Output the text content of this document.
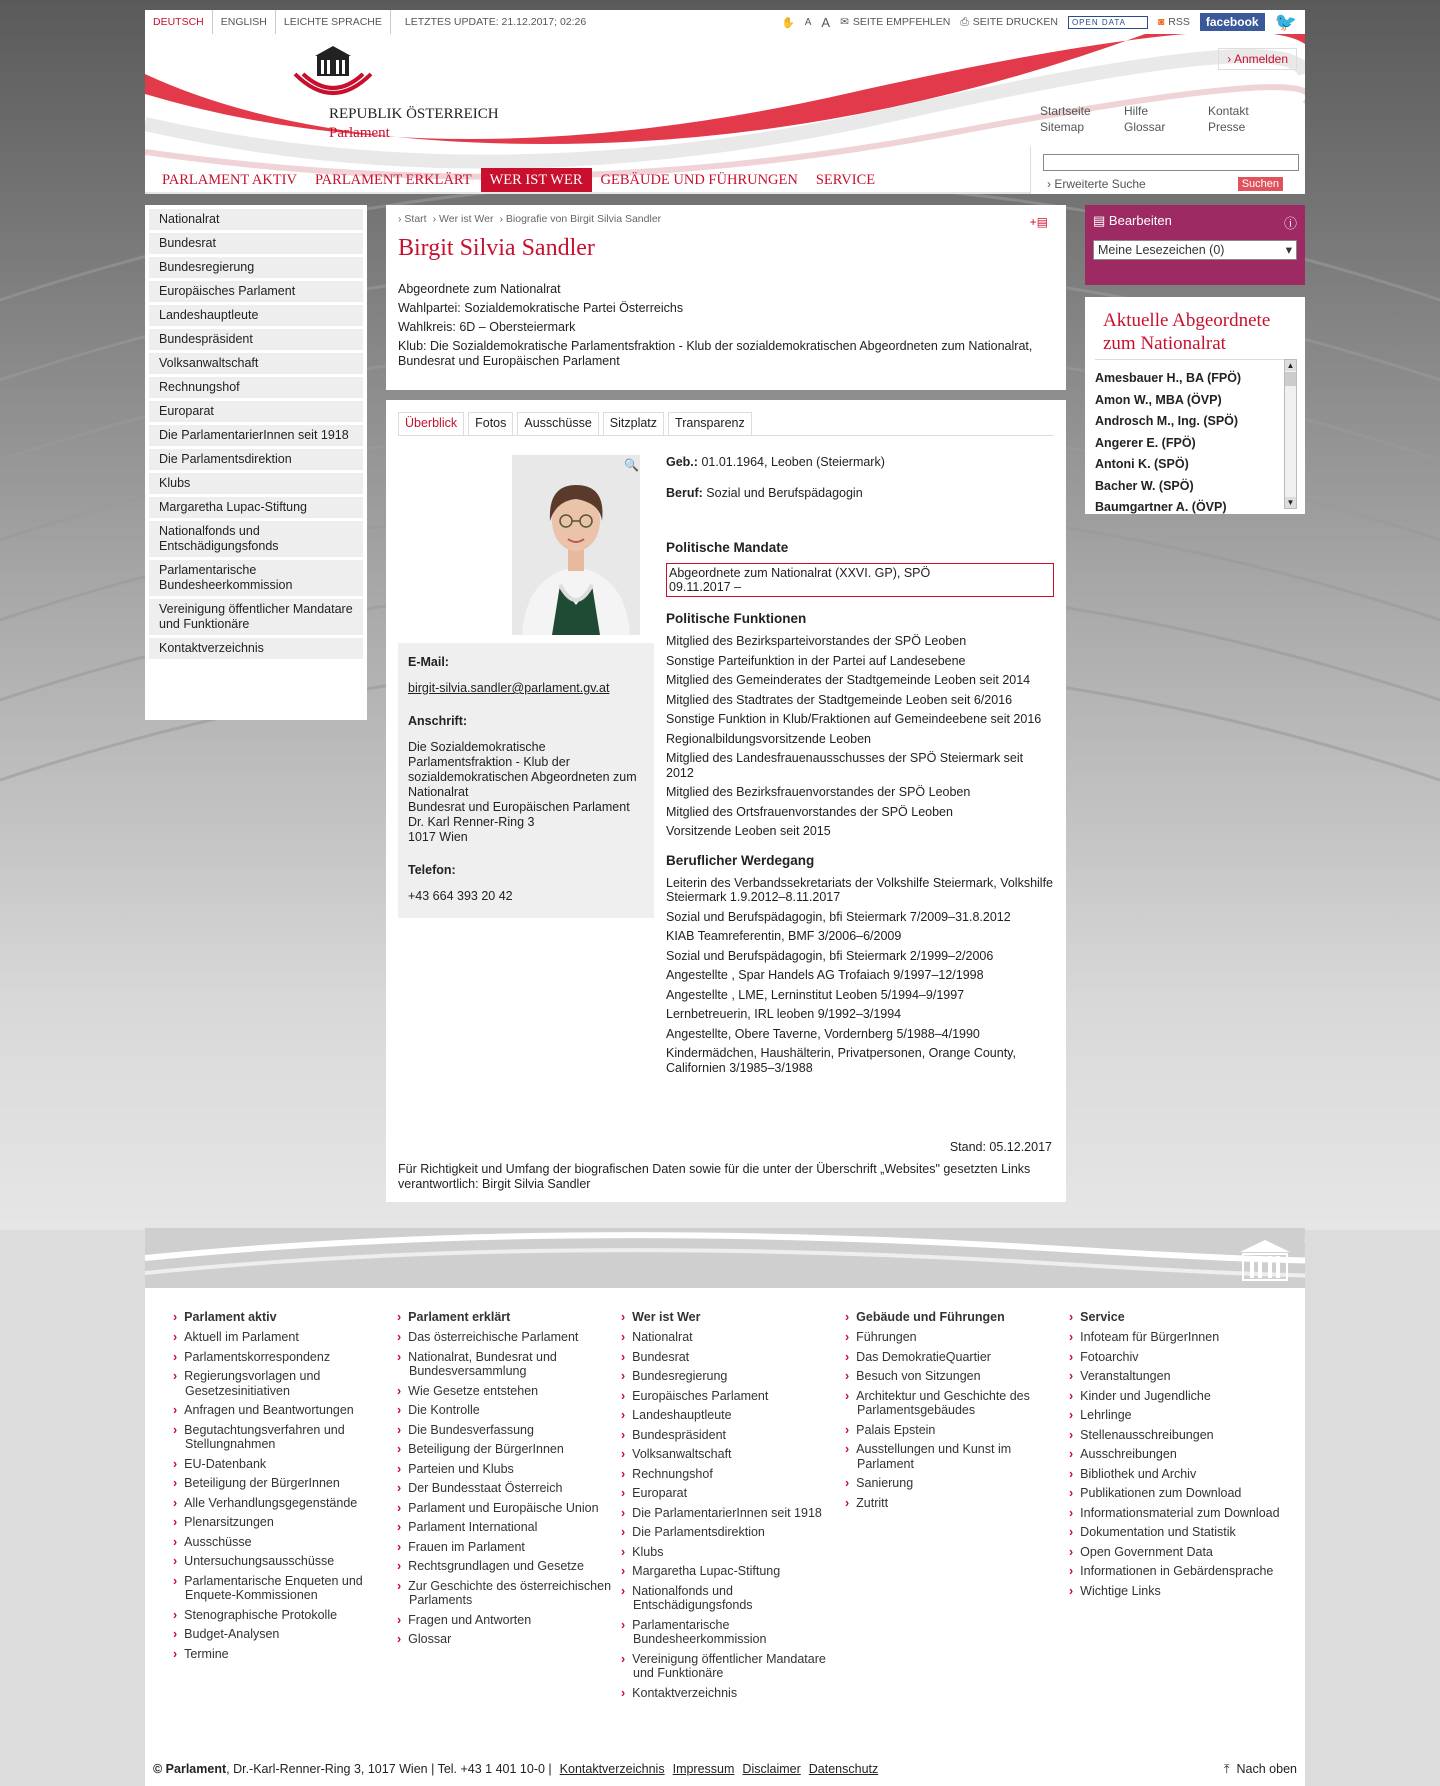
DEUTSCH	ENGLISH	LEICHTE SPRACHE	LETZTES UPDATE: 21.12.2017; 02:26	✋ A A ✉ SEITE EMPFEHLEN ⎙ SEITE DRUCKEN	OPEN DATA	◙ RSS	facebook 🐦
REPUBLIK ÖSTERREICH
Parlament
› Anmelden
Startseite	Hilfe	Kontakt
Sitemap	Glossar	Presse
› Erweiterte Suche	Suchen
PARLAMENT AKTIV	PARLAMENT ERKLÄRT	WER IST WER	GEBÄUDE UND FÜHRUNGEN	SERVICE
Nationalrat
Bundesrat
Bundesregierung
Europäisches Parlament
Landeshauptleute
Bundespräsident
Volksanwaltschaft
Rechnungshof
Europarat
Die ParlamentarierInnen seit 1918
Die Parlamentsdirektion
Klubs
Margaretha Lupac-Stiftung
Nationalfonds und Entschädigungsfonds
Parlamentarische Bundesheerkommission
Vereinigung öffentlicher Mandatare und Funktionäre
Kontaktverzeichnis
› Start	› Wer ist Wer	› Biografie von Birgit Silvia Sandler	+▤
Birgit Silvia Sandler
Abgeordnete zum Nationalrat
Wahlpartei: Sozialdemokratische Partei Österreichs
Wahlkreis: 6D – Obersteiermark
Klub: Die Sozialdemokratische Parlamentsfraktion - Klub der sozialdemokratischen Abgeordneten zum Nationalrat, Bundesrat und Europäischen Parlament
Überblick	Fotos	Ausschüsse	Sitzplatz	Transparenz
🔍
E-Mail:
birgit-silvia.sandler@parlament.gv.at
Anschrift:
Die Sozialdemokratische Parlamentsfraktion - Klub der sozialdemokratischen Abgeordneten zum Nationalrat
Bundesrat und Europäischen Parlament
Dr. Karl Renner-Ring 3
1017 Wien
Telefon:
+43 664 393 20 42
Geb.: 01.01.1964, Leoben (Steiermark)
Beruf: Sozial und Berufspädagogin
Politische Mandate
Abgeordnete zum Nationalrat (XXVI. GP), SPÖ
09.11.2017 –
Politische Funktionen
Mitglied des Bezirksparteivorstandes der SPÖ Leoben
Sonstige Parteifunktion in der Partei auf Landesebene
Mitglied des Gemeinderates der Stadtgemeinde Leoben seit 2014
Mitglied des Stadtrates der Stadtgemeinde Leoben seit 6/2016
Sonstige Funktion in Klub/Fraktionen auf Gemeindeebene seit 2016
Regionalbildungsvorsitzende Leoben
Mitglied des Landesfrauenausschusses der SPÖ Steiermark seit 2012
Mitglied des Bezirksfrauenvorstandes der SPÖ Leoben
Mitglied des Ortsfrauenvorstandes der SPÖ Leoben
Vorsitzende Leoben seit 2015
Beruflicher Werdegang
Leiterin des Verbandssekretariats der Volkshilfe Steiermark, Volkshilfe Steiermark 1.9.2012–8.11.2017
Sozial und Berufspädagogin, bfi Steiermark 7/2009–31.8.2012
KIAB Teamreferentin, BMF 3/2006–6/2009
Sozial und Berufspädagogin, bfi Steiermark 2/1999–2/2006
Angestellte , Spar Handels AG Trofaiach 9/1997–12/1998
Angestellte , LME, Lerninstitut Leoben 5/1994–9/1997
Lernbetreuerin, IRL leoben 9/1992–3/1994
Angestellte, Obere Taverne, Vordernberg 5/1988–4/1990
Kindermädchen, Haushälterin, Privatpersonen, Orange County, Californien 3/1985–3/1988
Stand: 05.12.2017
Für Richtigkeit und Umfang der biografischen Daten sowie für die unter der Überschrift „Websites" gesetzten Links verantwortlich: Birgit Silvia Sandler
▤ Bearbeiten	ⓘ
Meine Lesezeichen (0) ▾
Aktuelle Abgeordnete zum Nationalrat
Amesbauer H., BA (FPÖ)
Amon W., MBA (ÖVP)
Androsch M., Ing. (SPÖ)
Angerer E. (FPÖ)
Antoni K. (SPÖ)
Bacher W. (SPÖ)
Baumgartner A. (ÖVP)
▲
▼
› Parlament aktiv
› Aktuell im Parlament
› Parlamentskorrespondenz
› Regierungsvorlagen und Gesetzesinitiativen
› Anfragen und Beantwortungen
› Begutachtungsverfahren und Stellungnahmen
› EU-Datenbank
› Beteiligung der BürgerInnen
› Alle Verhandlungsgegenstände
› Plenarsitzungen
› Ausschüsse
› Untersuchungsausschüsse
› Parlamentarische Enqueten und Enquete-Kommissionen
› Stenographische Protokolle
› Budget-Analysen
› Termine
› Parlament erklärt
› Das österreichische Parlament
› Nationalrat, Bundesrat und Bundesversammlung
› Wie Gesetze entstehen
› Die Kontrolle
› Die Bundesverfassung
› Beteiligung der BürgerInnen
› Parteien und Klubs
› Der Bundesstaat Österreich
› Parlament und Europäische Union
› Parlament International
› Frauen im Parlament
› Rechtsgrundlagen und Gesetze
› Zur Geschichte des österreichischen Parlaments
› Fragen und Antworten
› Glossar
› Wer ist Wer
› Nationalrat
› Bundesrat
› Bundesregierung
› Europäisches Parlament
› Landeshauptleute
› Bundespräsident
› Volksanwaltschaft
› Rechnungshof
› Europarat
› Die ParlamentarierInnen seit 1918
› Die Parlamentsdirektion
› Klubs
› Margaretha Lupac-Stiftung
› Nationalfonds und Entschädigungsfonds
› Parlamentarische Bundesheerkommission
› Vereinigung öffentlicher Mandatare und Funktionäre
› Kontaktverzeichnis
› Gebäude und Führungen
› Führungen
› Das DemokratieQuartier
› Besuch von Sitzungen
› Architektur und Geschichte des Parlamentsgebäudes
› Palais Epstein
› Ausstellungen und Kunst im Parlament
› Sanierung
› Zutritt
› Service
› Infoteam für BürgerInnen
› Fotoarchiv
› Veranstaltungen
› Kinder und Jugendliche
› Lehrlinge
› Stellenausschreibungen
› Ausschreibungen
› Bibliothek und Archiv
› Publikationen zum Download
› Informationsmaterial zum Download
› Dokumentation und Statistik
› Open Government Data
› Informationen in Gebärdensprache
› Wichtige Links
© Parlament , Dr.-Karl-Renner-Ring 3, 1017 Wien | Tel. +43 1 401 10-0 | Kontaktverzeichnis Impressum Disclaimer Datenschutz	⤒ Nach oben
